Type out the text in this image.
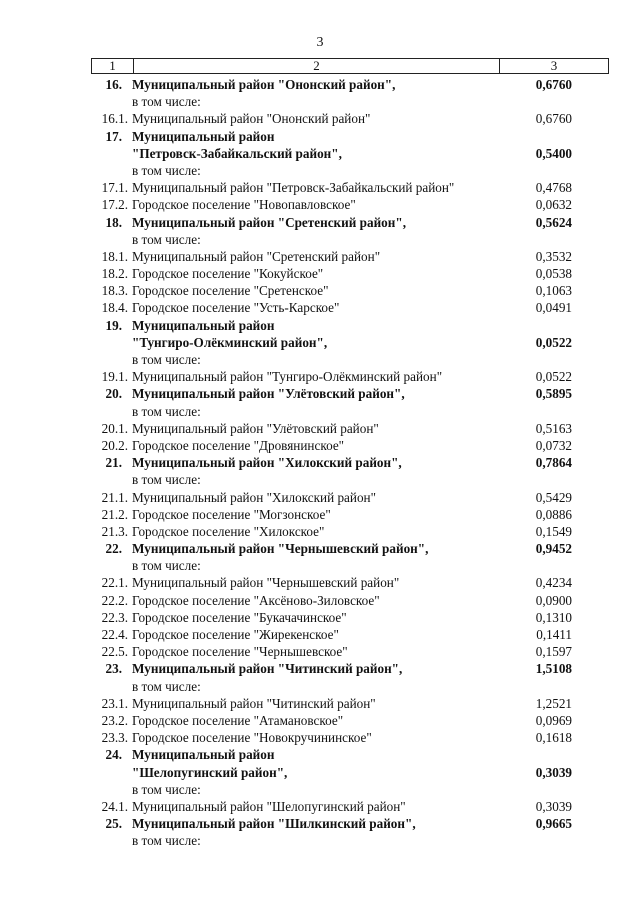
3
1	2	3
16. Муниципальный район "Ононский район",	0,6760
в том числе:
16.1. Муниципальный район "Ононский район"	0,6760
17. Муниципальный район
"Петровск-Забайкальский район",	0,5400
в том числе:
17.1. Муниципальный район "Петровск-Забайкальский район"	0,4768
17.2. Городское поселение "Новопавловское"	0,0632
18. Муниципальный район "Сретенский район",	0,5624
в том числе:
18.1. Муниципальный район "Сретенский район"	0,3532
18.2. Городское поселение "Кокуйское"	0,0538
18.3. Городское поселение "Сретенское"	0,1063
18.4. Городское поселение "Усть-Карское"	0,0491
19. Муниципальный район
"Тунгиро-Олёкминский район",	0,0522
в том числе:
19.1. Муниципальный район "Тунгиро-Олёкминский район"	0,0522
20. Муниципальный район "Улётовский район",	0,5895
в том числе:
20.1. Муниципальный район "Улётовский район"	0,5163
20.2. Городское поселение "Дровянинское"	0,0732
21. Муниципальный район "Хилокский район",	0,7864
в том числе:
21.1. Муниципальный район "Хилокский район"	0,5429
21.2. Городское поселение "Могзонское"	0,0886
21.3. Городское поселение "Хилокское"	0,1549
22. Муниципальный район "Чернышевский район",	0,9452
в том числе:
22.1. Муниципальный район "Чернышевский район"	0,4234
22.2. Городское поселение "Аксёново-Зиловское"	0,0900
22.3. Городское поселение "Букачачинское"	0,1310
22.4. Городское поселение "Жирекенское"	0,1411
22.5. Городское поселение "Чернышевское"	0,1597
23. Муниципальный район "Читинский район",	1,5108
в том числе:
23.1. Муниципальный район "Читинский район"	1,2521
23.2. Городское поселение "Атамановское"	0,0969
23.3. Городское поселение "Новокручининское"	0,1618
24. Муниципальный район
"Шелопугинский район",	0,3039
в том числе:
24.1. Муниципальный район "Шелопугинский район"	0,3039
25. Муниципальный район "Шилкинский район",	0,9665
в том числе:
